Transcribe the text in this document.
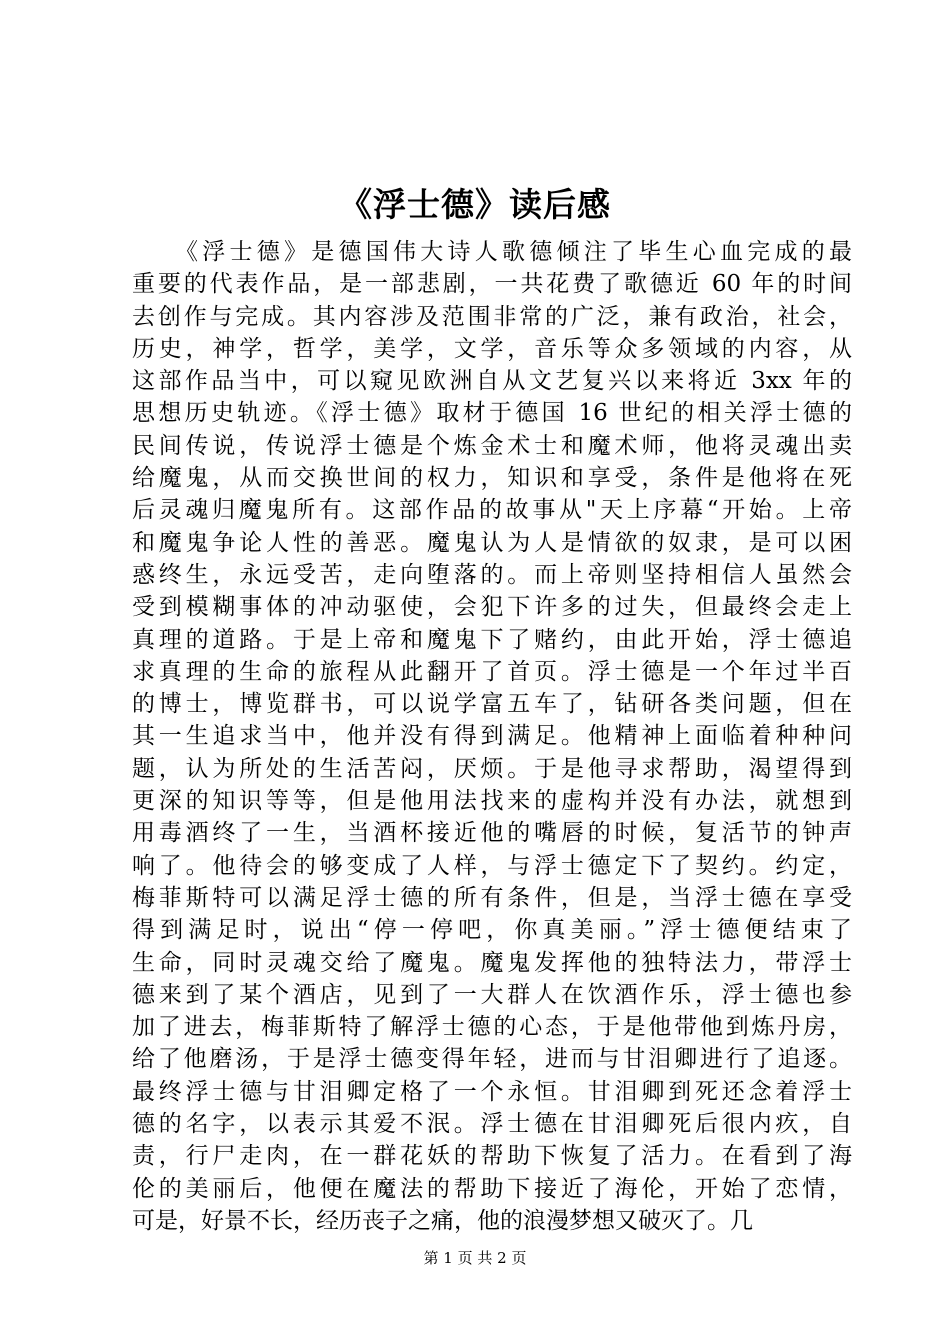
《浮士德》读后感
　　《浮士德》是德国伟大诗人歌德倾注了毕生心血完成的最
重要的代表作品，是一部悲剧，一共花费了歌德近 60 年的时间
去创作与完成。其内容涉及范围非常的广泛，兼有政治，社会，
历史，神学，哲学，美学，文学，音乐等众多领域的内容，从
这部作品当中，可以窥见欧洲自从文艺复兴以来将近 3xx 年的
思想历史轨迹。《浮士德》取材于德国 16 世纪的相关浮士德的
民间传说，传说浮士德是个炼金术士和魔术师，他将灵魂出卖
给魔鬼，从而交换世间的权力，知识和享受，条件是他将在死
后灵魂归魔鬼所有。这部作品的故事从"天上序幕“开始。上帝
和魔鬼争论人性的善恶。魔鬼认为人是情欲的奴隶，是可以困
惑终生，永远受苦，走向堕落的。而上帝则坚持相信人虽然会
受到模糊事体的冲动驱使，会犯下许多的过失，但最终会走上
真理的道路。于是上帝和魔鬼下了赌约，由此开始，浮士德追
求真理的生命的旅程从此翻开了首页。浮士德是一个年过半百
的博士，博览群书，可以说学富五车了，钻研各类问题，但在
其一生追求当中，他并没有得到满足。他精神上面临着种种问
题，认为所处的生活苦闷，厌烦。于是他寻求帮助，渴望得到
更深的知识等等，但是他用法找来的虚构并没有办法，就想到
用毒酒终了一生，当酒杯接近他的嘴唇的时候，复活节的钟声
响了。他待会的够变成了人样，与浮士德定下了契约。约定，
梅菲斯特可以满足浮士德的所有条件，但是，当浮士德在享受
得到满足时，说出“停一停吧，你真美丽。”浮士德便结束了
生命，同时灵魂交给了魔鬼。魔鬼发挥他的独特法力，带浮士
德来到了某个酒店，见到了一大群人在饮酒作乐，浮士德也参
加了进去，梅菲斯特了解浮士德的心态，于是他带他到炼丹房，
给了他磨汤，于是浮士德变得年轻，进而与甘泪卿进行了追逐。
最终浮士德与甘泪卿定格了一个永恒。甘泪卿到死还念着浮士
德的名字，以表示其爱不泯。浮士德在甘泪卿死后很内疚，自
责，行尸走肉，在一群花妖的帮助下恢复了活力。在看到了海
伦的美丽后，他便在魔法的帮助下接近了海伦，开始了恋情，
可是，好景不长，经历丧子之痛，他的浪漫梦想又破灭了。几
第 1 页 共 2 页
